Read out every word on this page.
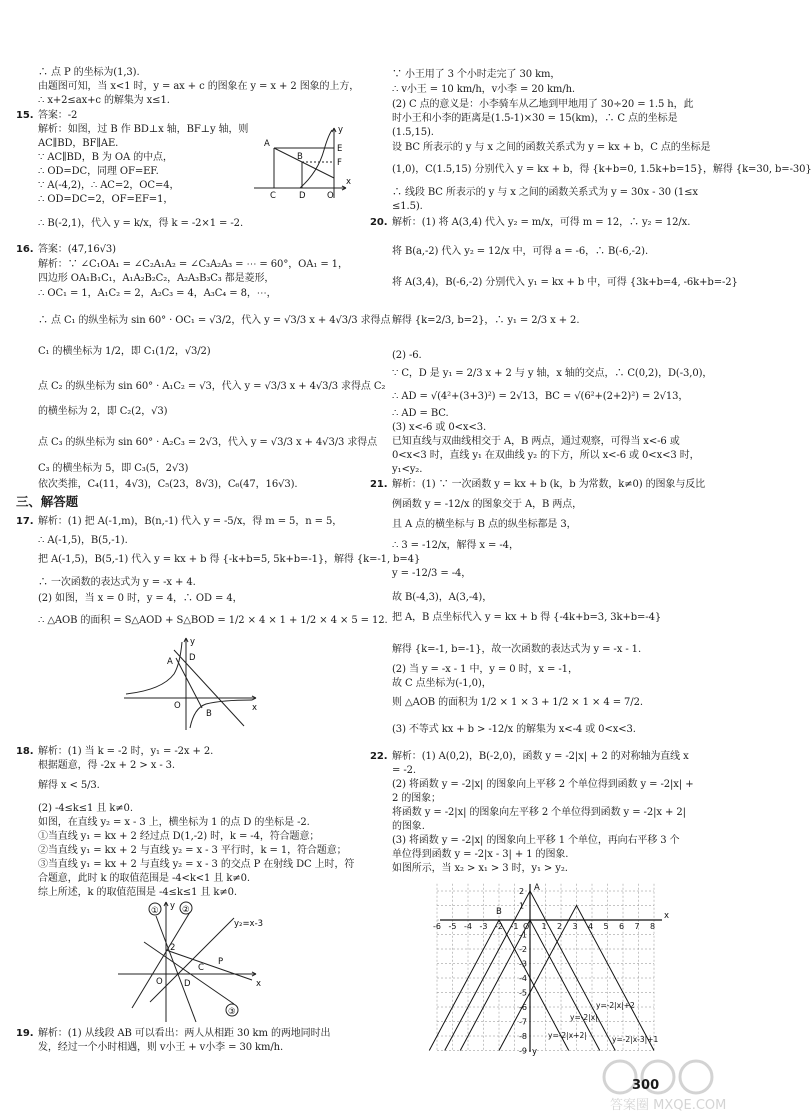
∴ 点 P 的坐标为(1,3).
由题图可知，当 x<1 时，y = ax + c 的图象在 y = x + 2 图象的上方，
∴ x+2≤ax+c 的解集为 x≤1.
15. 答案：-2
解析：如图，过 B 作 BD⊥x 轴，BF⊥y 轴，则
AC∥BD，BF∥AE.
∵ AC∥BD，B 为 OA 的中点，
∴ OD=DC，同理 OF=EF.
∵ A(-4,2)，∴ AC=2，OC=4，
∴ OD=DC=2，OF=EF=1，
∴ B(-2,1)，代入 y = k/x，得 k = -2×1 = -2.
16. 答案：(47,16√3)
解析：∵ ∠C₁OA₁ = ∠C₂A₁A₂ = ∠C₃A₂A₃ = ⋯ = 60°，OA₁ = 1，
四边形 OA₁B₁C₁，A₁A₂B₂C₂，A₂A₃B₃C₃ 都是菱形，
∴ OC₁ = 1，A₁C₂ = 2，A₂C₃ = 4，A₃C₄ = 8，⋯，
∴ 点 C₁ 的纵坐标为 sin 60° · OC₁ = √3/2，代入 y = √3/3 x + 4√3/3 求得点
C₁ 的横坐标为 1/2，即 C₁(1/2，√3/2)
点 C₂ 的纵坐标为 sin 60° · A₁C₂ = √3，代入 y = √3/3 x + 4√3/3 求得点 C₂
的横坐标为 2，即 C₂(2，√3)
点 C₃ 的纵坐标为 sin 60° · A₂C₃ = 2√3，代入 y = √3/3 x + 4√3/3 求得点
C₃ 的横坐标为 5，即 C₃(5，2√3)
依次类推，C₄(11，4√3)，C₅(23，8√3)，C₆(47，16√3).
三、解答题
17. 解析：(1) 把 A(-1,m)，B(n,-1) 代入 y = -5/x，得 m = 5，n = 5，
∴ A(-1,5)，B(5,-1).
把 A(-1,5)，B(5,-1) 代入 y = kx + b 得 {-k+b=5, 5k+b=-1}，解得 {k=-1, b=4}
∴ 一次函数的表达式为 y = -x + 4.
(2) 如图，当 x = 0 时，y = 4，∴ OD = 4，
∴ △AOB 的面积 = S△AOD + S△BOD = 1/2 × 4 × 1 + 1/2 × 4 × 5 = 12.
18. 解析：(1) 当 k = -2 时，y₁ = -2x + 2.
根据题意，得 -2x + 2 > x - 3.
解得 x < 5/3.
(2) -4≤k≤1 且 k≠0.
如图，在直线 y₂ = x - 3 上，横坐标为 1 的点 D 的坐标是 -2.
①当直线 y₁ = kx + 2 经过点 D(1,-2) 时，k = -4，符合题意；
②当直线 y₁ = kx + 2 与直线 y₂ = x - 3 平行时，k = 1，符合题意；
③当直线 y₁ = kx + 2 与直线 y₂ = x - 3 的交点 P 在射线 DC 上时，符
合题意，此时 k 的取值范围是 -4<k<1 且 k≠0.
综上所述，k 的取值范围是 -4≤k≤1 且 k≠0.
19. 解析：(1) 从线段 AB 可以看出：两人从相距 30 km 的两地同时出
发，经过一个小时相遇，则 v小王 + v小李 = 30 km/h.
∵ 小王用了 3 个小时走完了 30 km，
∴ v小王 = 10 km/h，v小李 = 20 km/h.
(2) C 点的意义是：小李骑车从乙地到甲地用了 30÷20 = 1.5 h，此
时小王和小李的距离是(1.5-1)×30 = 15(km)，∴ C 点的坐标是
(1.5,15).
设 BC 所表示的 y 与 x 之间的函数关系式为 y = kx + b，C 点的坐标是
(1,0)，C(1.5,15) 分别代入 y = kx + b，得 {k+b=0, 1.5k+b=15}，解得 {k=30, b=-30}
∴ 线段 BC 所表示的 y 与 x 之间的函数关系式为 y = 30x - 30 (1≤x
≤1.5).
20. 解析：(1) 将 A(3,4) 代入 y₂ = m/x，可得 m = 12，∴ y₂ = 12/x.
将 B(a,-2) 代入 y₂ = 12/x 中，可得 a = -6，∴ B(-6,-2).
将 A(3,4)，B(-6,-2) 分别代入 y₁ = kx + b 中，可得 {3k+b=4, -6k+b=-2}
解得 {k=2/3, b=2}，∴ y₁ = 2/3 x + 2.
(2) -6.
∵ C，D 是 y₁ = 2/3 x + 2 与 y 轴，x 轴的交点，∴ C(0,2)，D(-3,0)，
∴ AD = √(4²+(3+3)²) = 2√13，BC = √(6²+(2+2)²) = 2√13，
∴ AD = BC.
(3) x<-6 或 0<x<3.
已知直线与双曲线相交于 A，B 两点，通过观察，可得当 x<-6 或
0<x<3 时，直线 y₁ 在双曲线 y₂ 的下方，所以 x<-6 或 0<x<3 时，
y₁<y₂.
21. 解析：(1) ∵ 一次函数 y = kx + b (k，b 为常数，k≠0) 的图象与反比
例函数 y = -12/x 的图象交于 A，B 两点，
且 A 点的横坐标与 B 点的纵坐标都是 3，
∴ 3 = -12/x，解得 x = -4，
y = -12/3 = -4，
故 B(-4,3)，A(3,-4)，
把 A，B 点坐标代入 y = kx + b 得 {-4k+b=3, 3k+b=-4}
解得 {k=-1, b=-1}，故一次函数的表达式为 y = -x - 1.
(2) 当 y = -x - 1 中，y = 0 时，x = -1，
故 C 点坐标为(-1,0)，
则 △AOB 的面积为 1/2 × 1 × 3 + 1/2 × 1 × 4 = 7/2.
(3) 不等式 kx + b > -12/x 的解集为 x<-4 或 0<x<3.
22. 解析：(1) A(0,2)，B(-2,0)，函数 y = -2|x| + 2 的对称轴为直线 x
= -2.
(2) 将函数 y = -2|x| 的图象向上平移 2 个单位得到函数 y = -2|x| +
2 的图象；
将函数 y = -2|x| 的图象向左平移 2 个单位得到函数 y = -2|x + 2|
的图象.
(3) 将函数 y = -2|x| 的图象向上平移 1 个单位，再向右平移 3 个
单位得到函数 y = -2|x - 3| + 1 的图象.
如图所示，当 x₂ > x₁ > 3 时，y₁ > y₂.
A
B
C	D	O
E
F
x
y
A D
O
B
x
y
①	②
③
2
O	D
C
P
y₂=x-3
x
y
-6 -5 -4 -3 -2 -1 O 1 2 3 4 5 6 7 8
2
1
-1
-2
-3
-4
-5
-6
-7
-8
-9
B
A
x
y
y=-2|x|+2
y=-2|x|
y=-2|x+2|	y=-2|x-3|+1
答案圈 MXQE.COM
300
